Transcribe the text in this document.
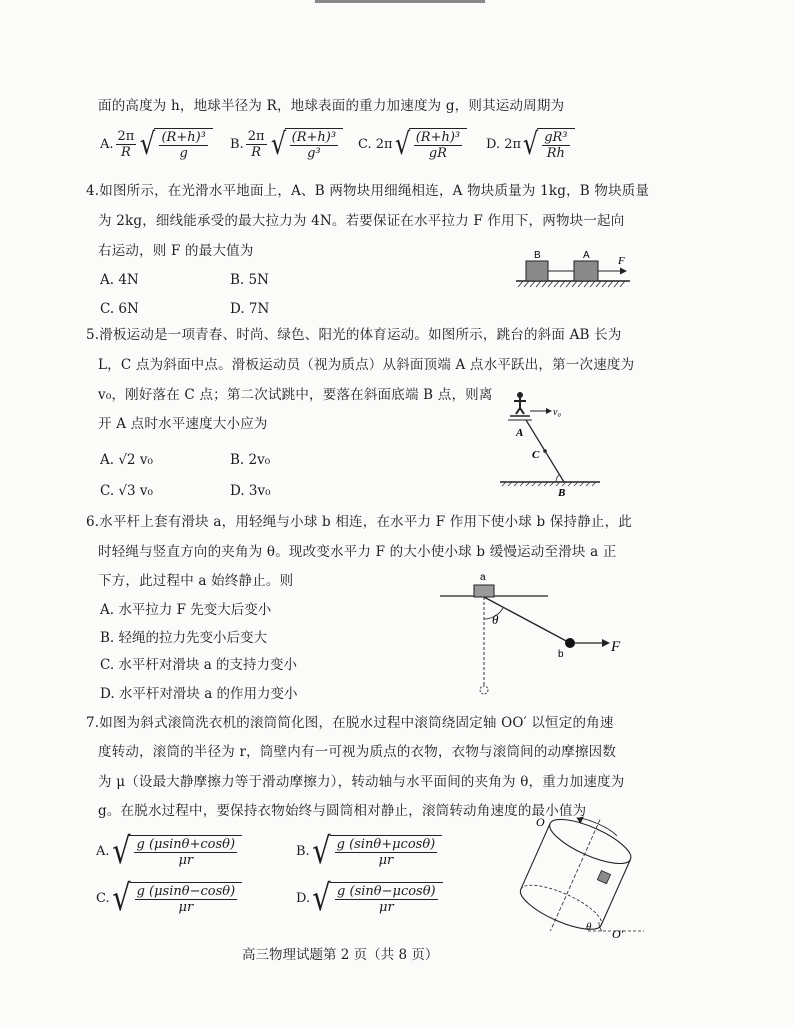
面的高度为 h，地球半径为 R，地球表面的重力加速度为 g，则其运动周期为
A. $\frac{2\pi}{R}$ √ $\frac{\text{(R+h)³}}{g} B$. $\frac{2\pi}{R}$ √ $\frac{\text{(R+h)³}}{\text{g³}} C$.
2π √ $\frac{\text{(R+h)³}}{gR} D$.
2π √ $\frac{\text{gR³}}{Rh}$
4.如图所示，在光滑水平地面上，A、B 两物块用细绳相连，A 物块质量为 1kg，B 物块质量
为 2kg，细线能承受的最大拉力为 4N。若要保证在水平拉力 F 作用下，两物块一起向
右运动，则 F 的最大值为
A. 4N	B. 5N
C. 6N	D. 7N
B	A	F
5.滑板运动是一项青春、时尚、绿色、阳光的体育运动。如图所示，跳台的斜面 AB 长为
L，C 点为斜面中点。滑板运动员（视为质点）从斜面顶端 A 点水平跃出，第一次速度为
v₀，刚好落在 C 点；第二次试跳中，要落在斜面底端 B 点，则离
开 A 点时水平速度大小应为
A. √2 v₀	B. 2v₀
C. √3 v₀	D. 3v₀
v₀
A
C
B
6.水平杆上套有滑块 a，用轻绳与小球 b 相连，在水平力 F 作用下使小球 b 保持静止，此
时轻绳与竖直方向的夹角为 θ。现改变水平力 F 的大小使小球 b 缓慢运动至滑块 a 正
下方，此过程中 a 始终静止。则
A. 水平拉力 F 先变大后变小
B. 轻绳的拉力先变小后变大
C. 水平杆对滑块 a 的支持力变小
D. 水平杆对滑块 a 的作用力变小
a
θ
b	F
7.如图为斜式滚筒洗衣机的滚筒简化图，在脱水过程中滚筒绕固定轴 OO′ 以恒定的角速
度转动，滚筒的半径为 r，筒壁内有一可视为质点的衣物，衣物与滚筒间的动摩擦因数
为 μ（设最大静摩擦力等于滑动摩擦力），转动轴与水平面间的夹角为 θ，重力加速度为
g。在脱水过程中，要保持衣物始终与圆筒相对静止，滚筒转动角速度的最小值为
A. √ $\frac{g (\mu\sin\theta+\cos\theta)}{\mu r}$	B. √ $\frac{g (\sin\theta+\mu\cos\theta)}{\mu r}$
C. √ $\frac{g (\mu\sin\theta-\cos\theta)}{\mu r}$	D. √ $\frac{g (\sin\theta-\mu\cos\theta)}{\mu r}$
θ
O
O′
高三物理试题第 2 页（共 8 页）
